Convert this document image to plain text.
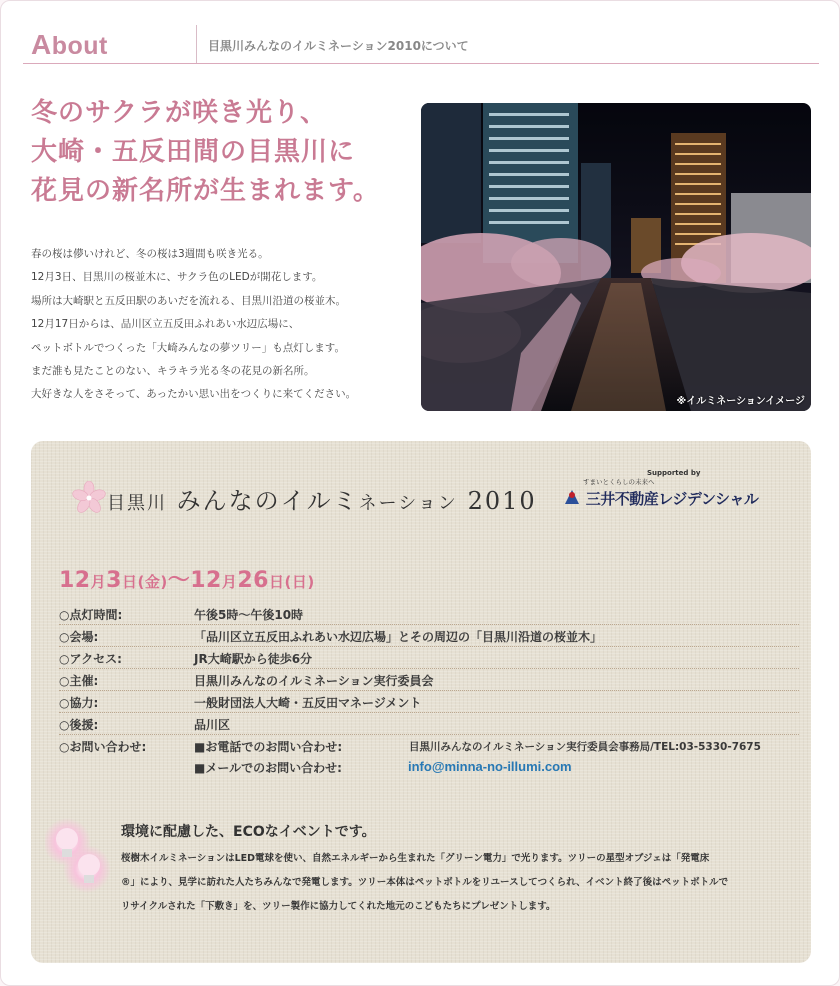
About	目黒川みんなのイルミネーション2010について
冬のサクラが咲き光り、
大崎・五反田間の目黒川に
花見の新名所が生まれます。
春の桜は儚いけれど、冬の桜は3週間も咲き光る。
12月3日、目黒川の桜並木に、サクラ色のLEDが開花します。
場所は大崎駅と五反田駅のあいだを流れる、目黒川沿道の桜並木。
12月17日からは、品川区立五反田ふれあい水辺広場に、
ペットボトルでつくった「大崎みんなの夢ツリー」も点灯します。
まだ誰も見たことのない、キラキラ光る冬の花見の新名所。
大好きな人をさそって、あったかい思い出をつくりに来てください。
※イルミネーションイメージ
目黒川 みんなのイルミネーション 2010
Supported by
すまいとくらしの未来へ
三井不動産レジデンシャル
12月3日(金)〜12月26日(日)
○点灯時間:	午後5時〜午後10時
○会場:	「品川区立五反田ふれあい水辺広場」とその周辺の「目黒川沿道の桜並木」
○アクセス:	JR大崎駅から徒歩6分
○主催:	目黒川みんなのイルミネーション実行委員会
○協力:	一般財団法人大崎・五反田マネージメント
○後援:	品川区
○お問い合わせ:	■お電話でのお問い合わせ:	目黒川みんなのイルミネーション実行委員会事務局/TEL:03-5330-7675
■メールでのお問い合わせ:	info@minna-no-illumi.com
環境に配慮した、ECOなイベントです。
桜樹木イルミネーションはLED電球を使い、自然エネルギーから生まれた「グリーン電力」で光ります。ツリーの星型オブジェは「発電床
®」により、見学に訪れた人たちみんなで発電します。ツリー本体はペットボトルをリユースしてつくられ、イベント終了後はペットボトルで
リサイクルされた「下敷き」を、ツリー製作に協力してくれた地元のこどもたちにプレゼントします。
